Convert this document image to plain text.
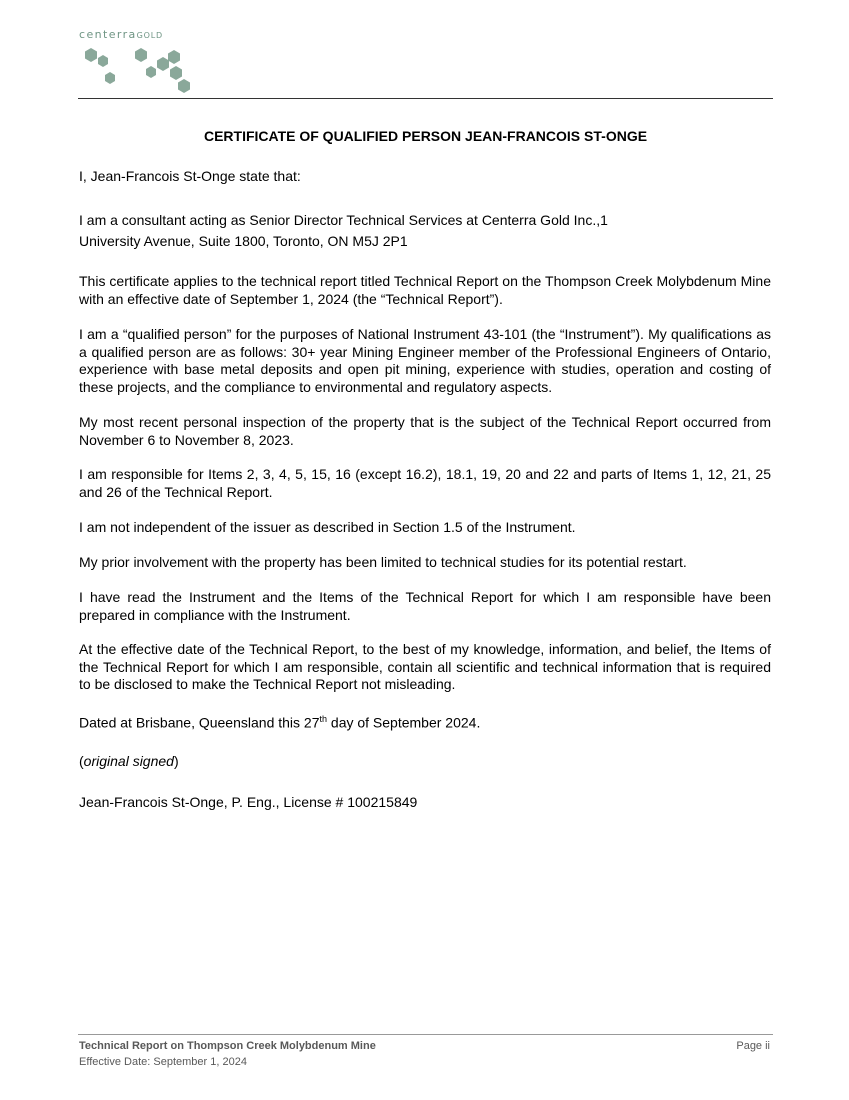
centerraGOLD
CERTIFICATE OF QUALIFIED PERSON JEAN-FRANCOIS ST-ONGE
I, Jean-Francois St-Onge state that:
I am a consultant acting as Senior Director Technical Services at Centerra Gold Inc.,1
University Avenue, Suite 1800, Toronto, ON M5J 2P1
This certificate applies to the technical report titled Technical Report on the Thompson Creek Molybdenum Mine with an effective date of September 1, 2024 (the “Technical Report”).
I am a “qualified person” for the purposes of National Instrument 43-101 (the “Instrument”). My qualifications as a qualified person are as follows: 30+ year Mining Engineer member of the Professional Engineers of Ontario, experience with base metal deposits and open pit mining, experience with studies, operation and costing of these projects, and the compliance to environmental and regulatory aspects.
My most recent personal inspection of the property that is the subject of the Technical Report occurred from November 6 to November 8, 2023.
I am responsible for Items 2, 3, 4, 5, 15, 16 (except 16.2), 18.1, 19, 20 and 22 and parts of Items 1, 12, 21, 25 and 26 of the Technical Report.
I am not independent of the issuer as described in Section 1.5 of the Instrument.
My prior involvement with the property has been limited to technical studies for its potential restart.
I have read the Instrument and the Items of the Technical Report for which I am responsible have been prepared in compliance with the Instrument.
At the effective date of the Technical Report, to the best of my knowledge, information, and belief, the Items of the Technical Report for which I am responsible, contain all scientific and technical information that is required to be disclosed to make the Technical Report not misleading.
Dated at Brisbane, Queensland this 27th day of September 2024.
(original signed)
Jean-Francois St-Onge, P. Eng., License # 100215849
Technical Report on Thompson Creek Molybdenum Mine
Effective Date: September 1, 2024
Page ii
